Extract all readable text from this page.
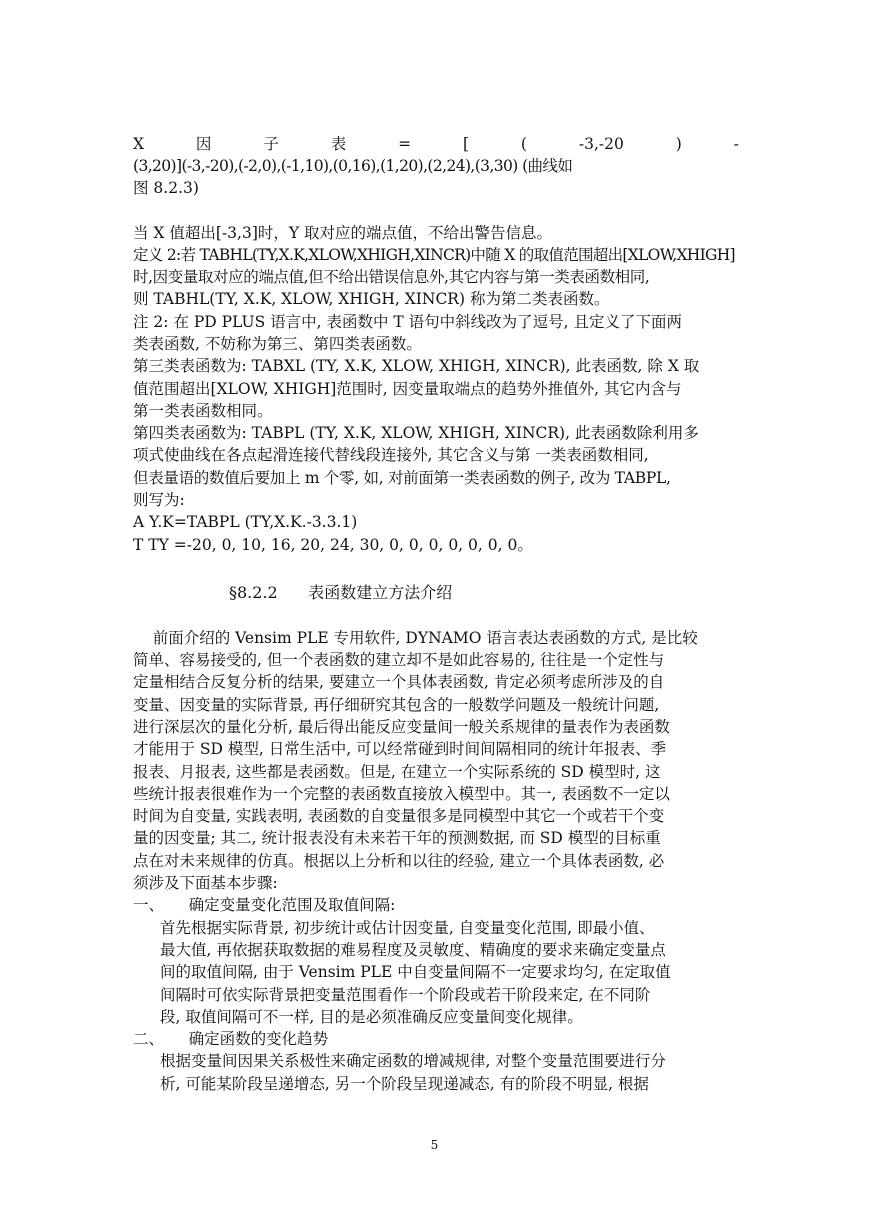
X	因	子	表	=	[	(	-3,-20	)	-
(3,20)](-3,-20),(-2,0),(-1,10),(0,16),(1,20),(2,24),(3,30) (曲线如
图 8.2.3)
当 X 值超出[-3,3]时，Y 取对应的端点值，不给出警告信息。
定义 2:若 TABHL(TY,X.K,XLOW,XHIGH,XINCR)中随 X 的取值范围超出[XLOW,XHIGH]
时,因变量取对应的端点值,但不给出错误信息外,其它内容与第一类表函数相同,
则 TABHL(TY, X.K, XLOW, XHIGH, XINCR) 称为第二类表函数。
注 2: 在 PD PLUS 语言中, 表函数中 T 语句中斜线改为了逗号, 且定义了下面两
类表函数, 不妨称为第三、第四类表函数。
第三类表函数为: TABXL (TY, X.K, XLOW, XHIGH, XINCR), 此表函数, 除 X 取
值范围超出[XLOW, XHIGH]范围时, 因变量取端点的趋势外推值外, 其它内含与
第一类表函数相同。
第四类表函数为: TABPL (TY, X.K, XLOW, XHIGH, XINCR), 此表函数除利用多
项式使曲线在各点起滑连接代替线段连接外, 其它含义与第 一类表函数相同,
但表量语的数值后要加上 m 个零, 如, 对前面第一类表函数的例子, 改为 TABPL,
则写为:
A Y.K=TABPL (TY,X.K.-3.3.1)
T TY =-20, 0, 10, 16, 20, 24, 30, 0, 0, 0, 0, 0, 0, 0。
§8.2.2      表函数建立方法介绍
前面介绍的 Vensim PLE 专用软件, DYNAMO 语言表达表函数的方式, 是比较
简单、容易接受的, 但一个表函数的建立却不是如此容易的, 往往是一个定性与
定量相结合反复分析的结果, 要建立一个具体表函数, 肯定必须考虑所涉及的自
变量、因变量的实际背景, 再仔细研究其包含的一般数学问题及一般统计问题,
进行深层次的量化分析, 最后得出能反应变量间一般关系规律的量表作为表函数
才能用于 SD 模型, 日常生活中, 可以经常碰到时间间隔相同的统计年报表、季
报表、月报表, 这些都是表函数。但是, 在建立一个实际系统的 SD 模型时, 这
些统计报表很难作为一个完整的表函数直接放入模型中。其一, 表函数不一定以
时间为自变量, 实践表明, 表函数的自变量很多是同模型中其它一个或若干个变
量的因变量; 其二, 统计报表没有未来若干年的预测数据, 而 SD 模型的目标重
点在对未来规律的仿真。根据以上分析和以往的经验, 建立一个具体表函数, 必
须涉及下面基本步骤:
一、     确定变量变化范围及取值间隔:
首先根据实际背景, 初步统计或估计因变量, 自变量变化范围, 即最小值、
最大值, 再依据获取数据的难易程度及灵敏度、精确度的要求来确定变量点
间的取值间隔, 由于 Vensim PLE 中自变量间隔不一定要求均匀, 在定取值
间隔时可依实际背景把变量范围看作一个阶段或若干阶段来定, 在不同阶
段, 取值间隔可不一样, 目的是必须准确反应变量间变化规律。
二、     确定函数的变化趋势
根据变量间因果关系极性来确定函数的增减规律, 对整个变量范围要进行分
析, 可能某阶段呈递增态, 另一个阶段呈现递减态, 有的阶段不明显, 根据
5
